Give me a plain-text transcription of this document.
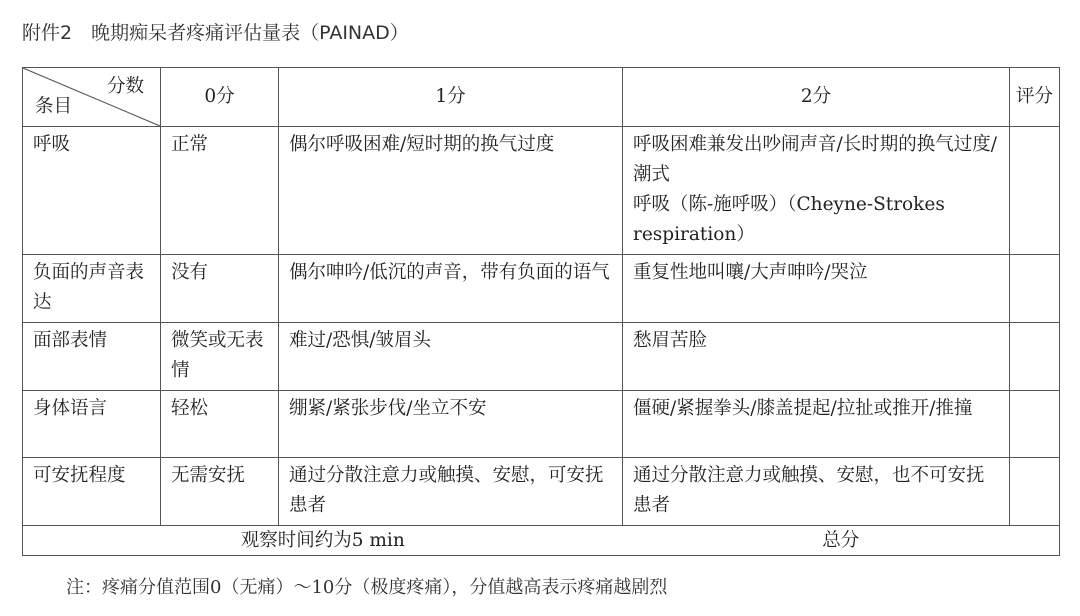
附件2　晚期痴呆者疼痛评估量表（PAINAD）
分数
条目	0分	1分	2分	评分
呼吸	正常	偶尔呼吸困难/短时期的换气过度	呼吸困难兼发出吵闹声音/长时期的换气过度/潮式
呼吸（陈-施呼吸）（Cheyne-Strokes respiration）	

负面的声音表达	没有	偶尔呻吟/低沉的声音，带有负面的语气	重复性地叫嚷/大声呻吟/哭泣	
面部表情	微笑或无表情	难过/恐惧/皱眉头	愁眉苦脸	
身体语言	轻松	绷紧/紧张步伐/坐立不安	僵硬/紧握拳头/膝盖提起/拉扯或推开/推撞	
可安抚程度	无需安抚	通过分散注意力或触摸、安慰，可安抚患者	通过分散注意力或触摸、安慰，也不可安抚患者	
观察时间约为5 min			总分	
注：疼痛分值范围0（无痛）～10分（极度疼痛），分值越高表示疼痛越剧烈
